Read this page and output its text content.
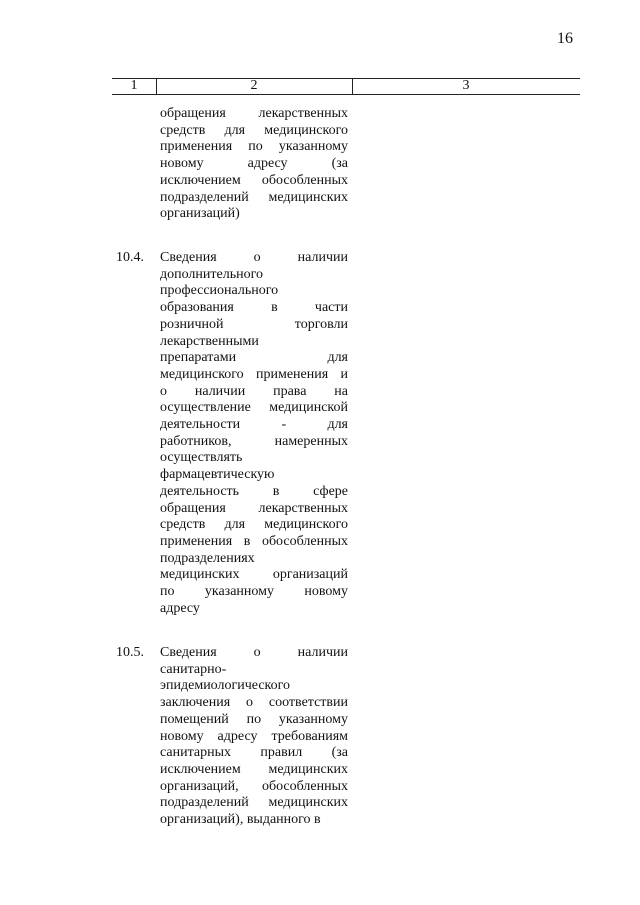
16
1	2	3
обращения лекарственных
средств для медицинского
применения по указанному
новому адресу (за
исключением обособленных
подразделений медицинских
организаций)
10.4. Сведения о наличии
дополнительного
профессионального
образования в части
розничной торговли
лекарственными
препаратами для
медицинского применения и
о наличии права на
осуществление медицинской
деятельности - для
работников, намеренных
осуществлять
фармацевтическую
деятельность в сфере
обращения лекарственных
средств для медицинского
применения в обособленных
подразделениях
медицинских организаций
по указанному новому
адресу
10.5. Сведения о наличии
санитарно-
эпидемиологического
заключения о соответствии
помещений по указанному
новому адресу требованиям
санитарных правил (за
исключением медицинских
организаций, обособленных
подразделений медицинских
организаций), выданного в
